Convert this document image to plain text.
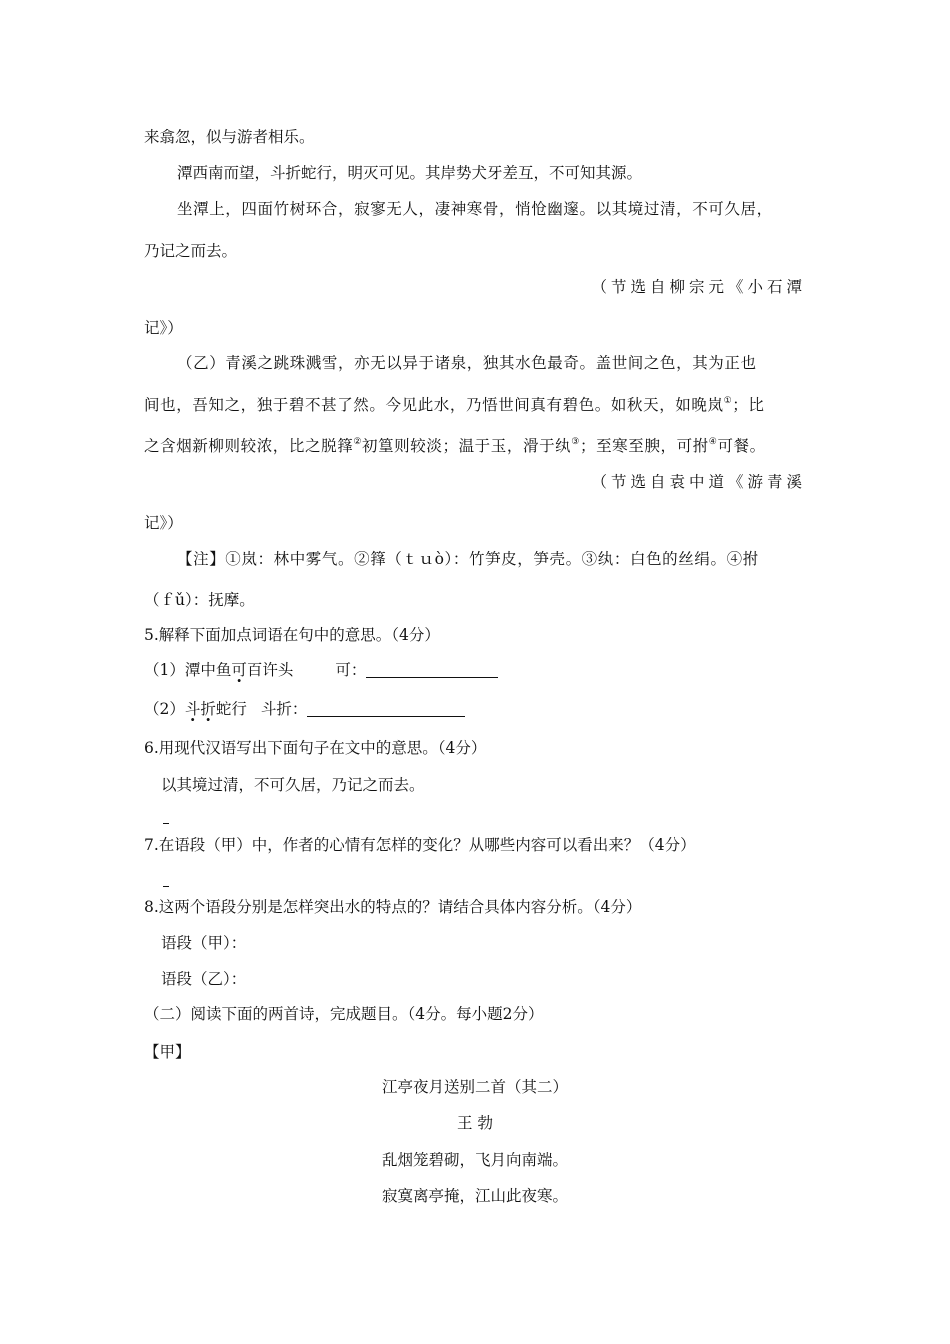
来翕忽，似与游者相乐。
潭西南而望，斗折蛇行，明灭可见。其岸势犬牙差互，不可知其源。
坐潭上，四面竹树环合，寂寥无人，凄神寒骨，悄怆幽邃。以其境过清，不可久居，
乃记之而去。
（节选自柳宗元《小石潭
记》）
（乙）青溪之跳珠溅雪，亦无以异于诸泉，独其水色最奇。盖世间之色，其为正也
间也，吾知之，独于碧不甚了然。今见此水，乃悟世间真有碧色。如秋天，如晚岚①；比
之含烟新柳则较浓，比之脱箨②初篁则较淡；温于玉，滑于纨③；至寒至腴，可拊④可餐。
（节选自袁中道《游青溪
记》）
【注】①岚：林中雾气。②箨（ｔｕò）：竹笋皮，笋壳。③纨：白色的丝绢。④拊
（ｆǔ）：抚摩。
5.解释下面加点词语在句中的意思。（4分）
（1）潭中鱼可百许头	可：
（2）斗折蛇行 斗折：
6.用现代汉语写出下面句子在文中的意思。（4分）
以其境过清，不可久居，乃记之而去。
7.在语段（甲）中，作者的心情有怎样的变化？从哪些内容可以看出来？（4分）
8.这两个语段分别是怎样突出水的特点的？请结合具体内容分析。（4分）
语段（甲）：
语段（乙）：
（二）阅读下面的两首诗，完成题目。（4分。每小题2分）
【甲】
江亭夜月送别二首（其二）
王 勃
乱烟笼碧砌，飞月向南端。
寂寞离亭掩，江山此夜寒。
